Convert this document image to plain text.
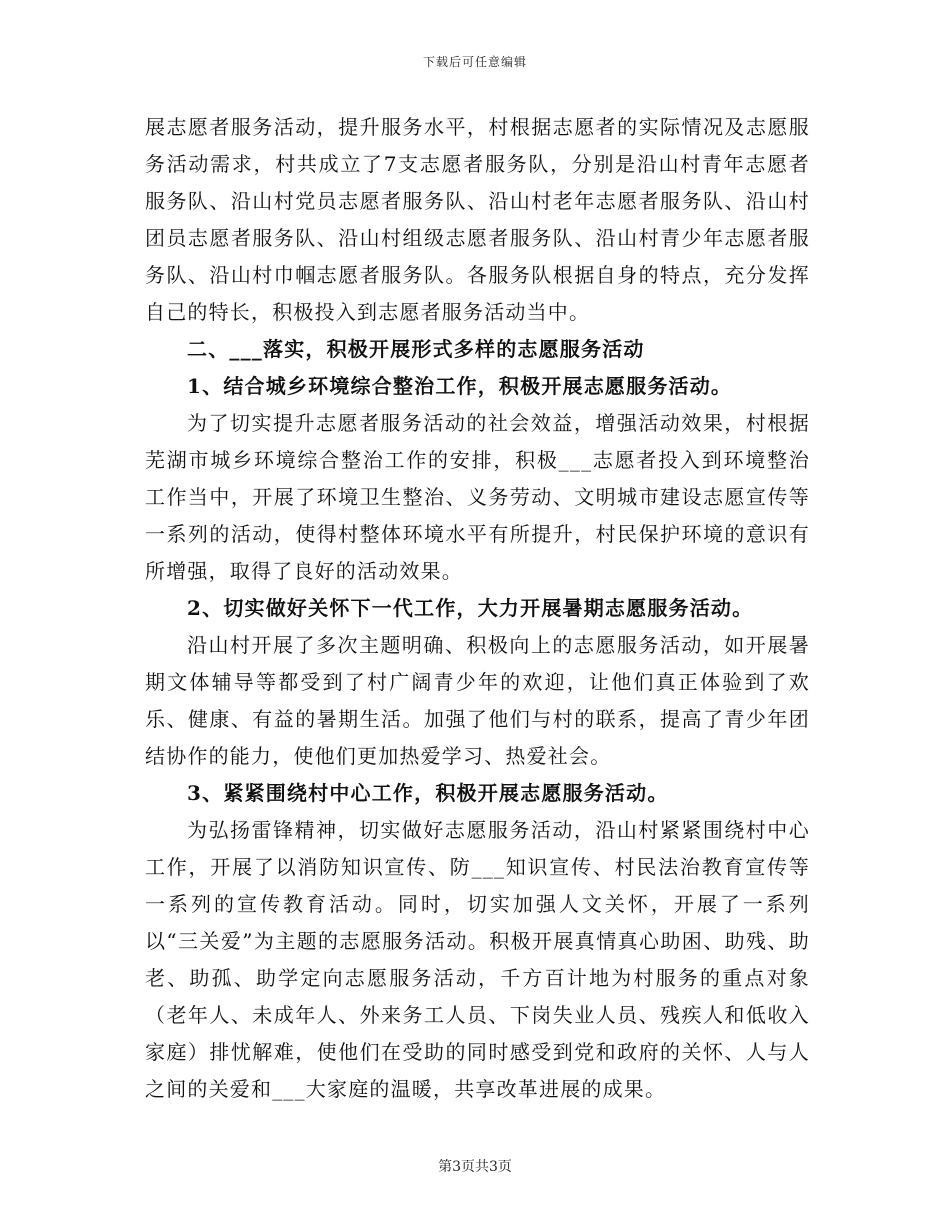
下载后可任意编辑

展志愿者服务活动，提升服务水平，村根据志愿者的实际情况及志愿服务活动需求，村共成立了7支志愿者服务队，分别是沿山村青年志愿者服务队、沿山村党员志愿者服务队、沿山村老年志愿者服务队、沿山村团员志愿者服务队、沿山村组级志愿者服务队、沿山村青少年志愿者服务队、沿山村巾帼志愿者服务队。各服务队根据自身的特点，充分发挥自己的特长，积极投入到志愿者服务活动当中。

二、___落实，积极开展形式多样的志愿服务活动

1、结合城乡环境综合整治工作，积极开展志愿服务活动。

为了切实提升志愿者服务活动的社会效益，增强活动效果，村根据芜湖市城乡环境综合整治工作的安排，积极___志愿者投入到环境整治工作当中，开展了环境卫生整治、义务劳动、文明城市建设志愿宣传等一系列的活动，使得村整体环境水平有所提升，村民保护环境的意识有所增强，取得了良好的活动效果。

2、切实做好关怀下一代工作，大力开展暑期志愿服务活动。

沿山村开展了多次主题明确、积极向上的志愿服务活动，如开展暑期文体辅导等都受到了村广阔青少年的欢迎，让他们真正体验到了欢乐、健康、有益的暑期生活。加强了他们与村的联系，提高了青少年团结协作的能力，使他们更加热爱学习、热爱社会。

3、紧紧围绕村中心工作，积极开展志愿服务活动。

为弘扬雷锋精神，切实做好志愿服务活动，沿山村紧紧围绕村中心工作，开展了以消防知识宣传、防___知识宣传、村民法治教育宣传等一系列的宣传教育活动。同时，切实加强人文关怀，开展了一系列以“三关爱”为主题的志愿服务活动。积极开展真情真心助困、助残、助老、助孤、助学定向志愿服务活动，千方百计地为村服务的重点对象（老年人、未成年人、外来务工人员、下岗失业人员、残疾人和低收入家庭）排忧解难，使他们在受助的同时感受到党和政府的关怀、人与人之间的关爱和___大家庭的温暖，共享改革进展的成果。

第3页共3页
